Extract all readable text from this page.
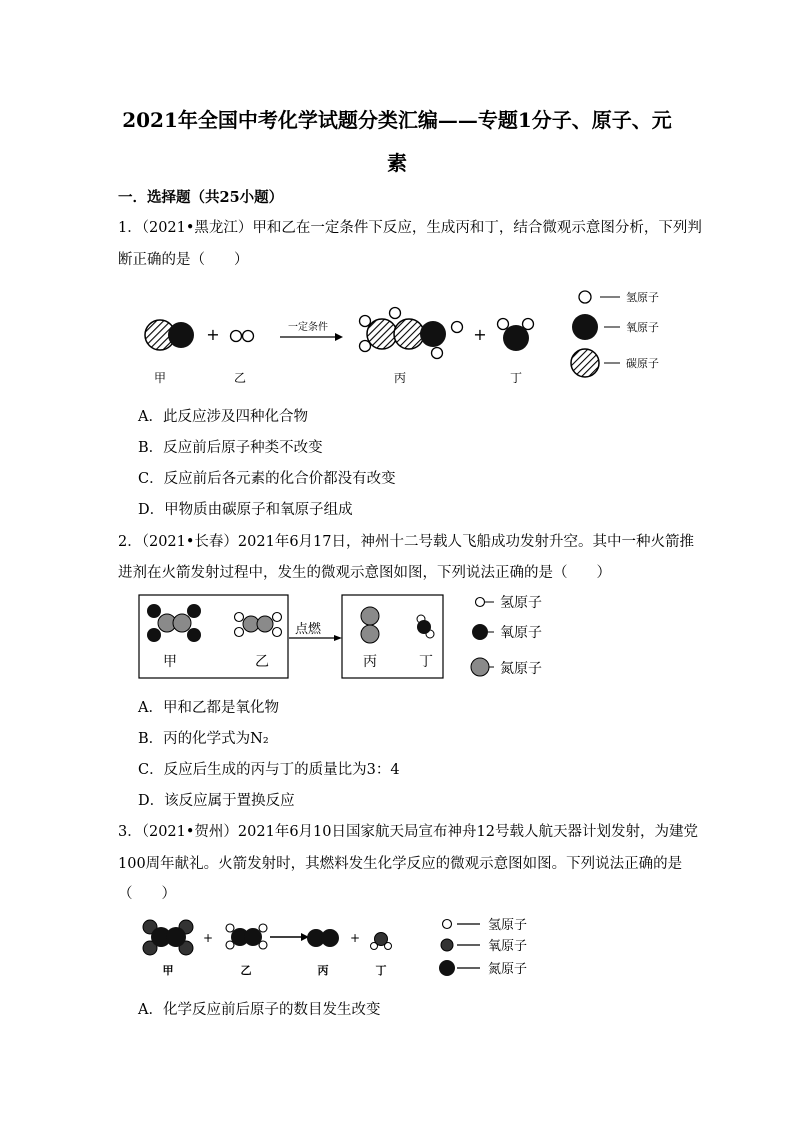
2021年全国中考化学试题分类汇编——专题1分子、原子、元
素
一．选择题（共25小题）
1．（2021•黑龙江）甲和乙在一定条件下反应，生成丙和丁，结合微观示意图分析，下列判
断正确的是（　　）
+	一定条件	+
甲	乙	丙	丁
氢原子
氧原子
碳原子
A．此反应涉及四种化合物
B．反应前后原子种类不改变
C．反应前后各元素的化合价都没有改变
D．甲物质由碳原子和氧原子组成
2．（2021•长春）2021年6月17日，神州十二号载人飞船成功发射升空。其中一种火箭推
进剂在火箭发射过程中，发生的微观示意图如图，下列说法正确的是（　　）
甲	乙
点燃
丙	丁
氢原子
氧原子
氮原子
A．甲和乙都是氧化物
B．丙的化学式为N₂
C．反应后生成的丙与丁的质量比为3：4
D．该反应属于置换反应
3．（2021•贺州）2021年6月10日国家航天局宣布神舟12号载人航天器计划发射，为建党
100周年献礼。火箭发射时，其燃料发生化学反应的微观示意图如图。下列说法正确的是
（　　）
+	+
甲	乙	丙	丁
氢原子
氧原子
氮原子
A．化学反应前后原子的数目发生改变
